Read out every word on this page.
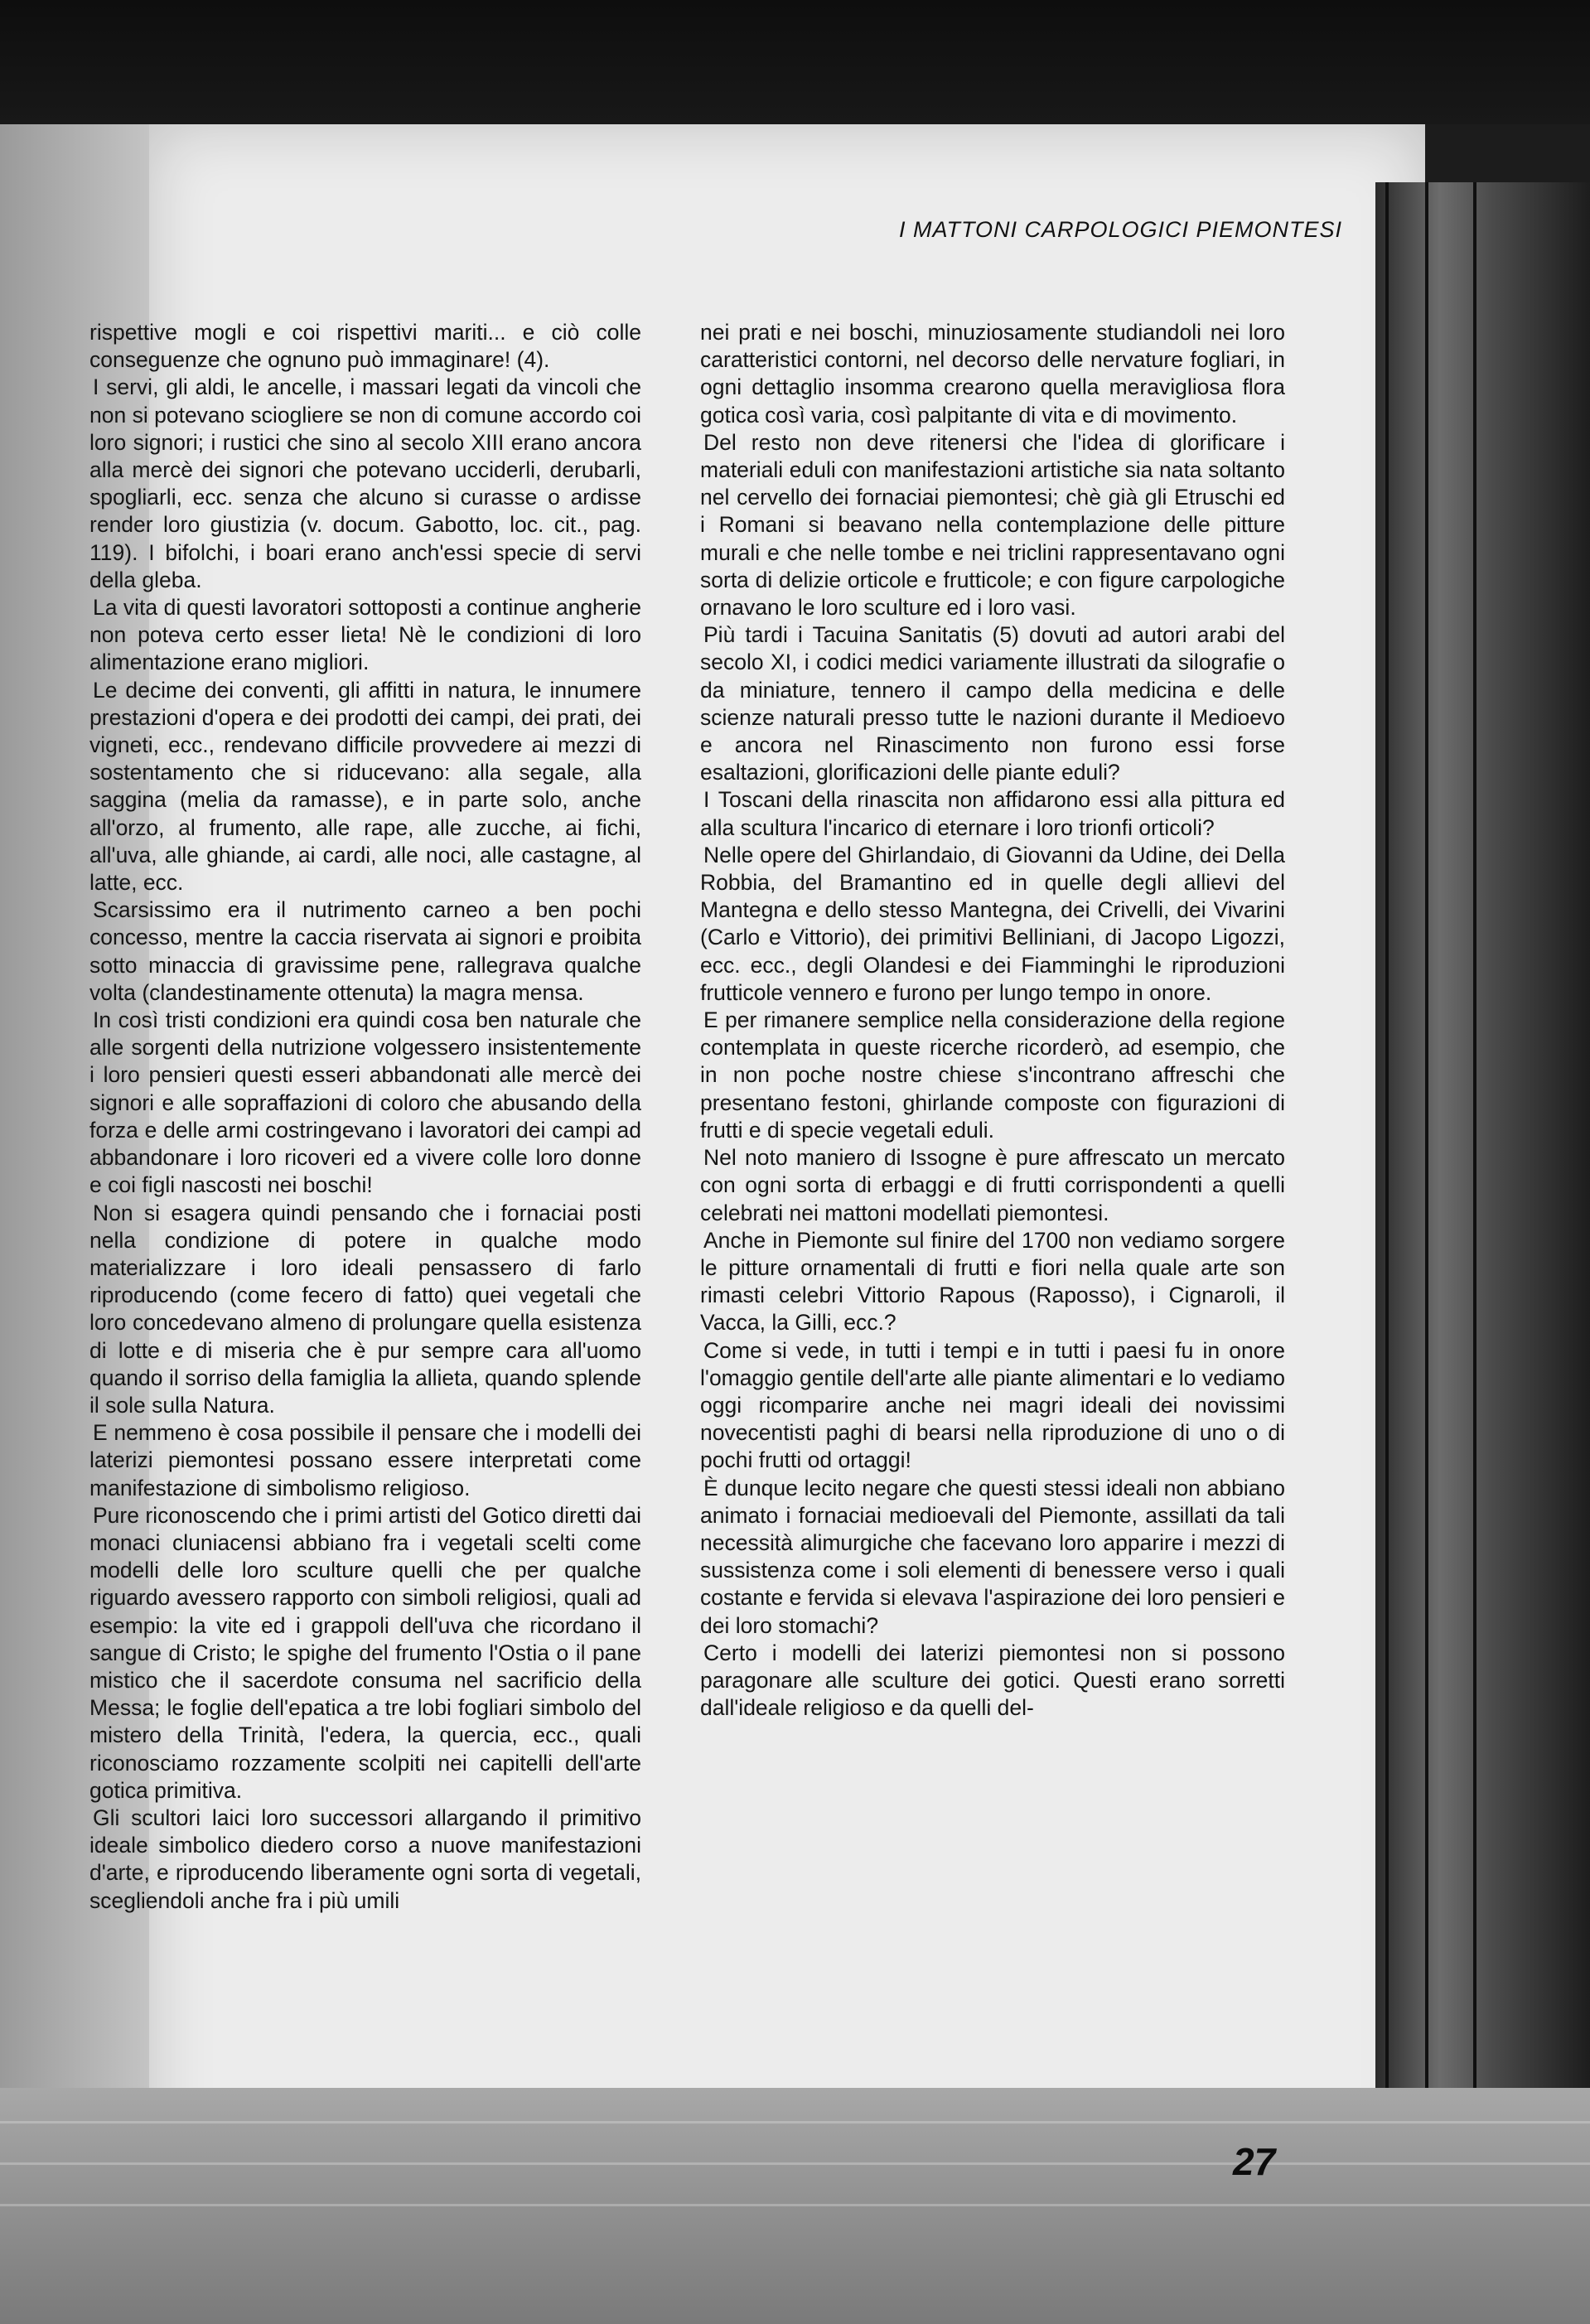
I MATTONI CARPOLOGICI PIEMONTESI

rispettive mogli e coi rispettivi mariti... e ciò colle conseguenze che ognuno può immaginare! (4).

I servi, gli aldi, le ancelle, i massari legati da vincoli che non si potevano sciogliere se non di comune accordo coi loro signori; i rustici che sino al secolo XIII erano ancora alla mercè dei signori che potevano ucciderli, derubarli, spogliarli, ecc. senza che alcuno si curasse o ardisse render loro giustizia (v. docum. Gabotto, loc. cit., pag. 119). I bifolchi, i boari erano anch'essi specie di servi della gleba.

La vita di questi lavoratori sottoposti a continue angherie non poteva certo esser lieta! Nè le condizioni di loro alimentazione erano migliori.

Le decime dei conventi, gli affitti in natura, le innumere prestazioni d'opera e dei prodotti dei campi, dei prati, dei vigneti, ecc., rendevano difficile provvedere ai mezzi di sostentamento che si riducevano: alla segale, alla saggina (melia da ramasse), e in parte solo, anche all'orzo, al frumento, alle rape, alle zucche, ai fichi, all'uva, alle ghiande, ai cardi, alle noci, alle castagne, al latte, ecc.

Scarsissimo era il nutrimento carneo a ben pochi concesso, mentre la caccia riservata ai signori e proibita sotto minaccia di gravissime pene, rallegrava qualche volta (clandestinamente ottenuta) la magra mensa.

In così tristi condizioni era quindi cosa ben naturale che alle sorgenti della nutrizione volgessero insistentemente i loro pensieri questi esseri abbandonati alle mercè dei signori e alle sopraffazioni di coloro che abusando della forza e delle armi costringevano i lavoratori dei campi ad abbandonare i loro ricoveri ed a vivere colle loro donne e coi figli nascosti nei boschi!

Non si esagera quindi pensando che i fornaciai posti nella condizione di potere in qualche modo materializzare i loro ideali pensassero di farlo riproducendo (come fecero di fatto) quei vegetali che loro concedevano almeno di prolungare quella esistenza di lotte e di miseria che è pur sempre cara all'uomo quando il sorriso della famiglia la allieta, quando splende il sole sulla Natura.

E nemmeno è cosa possibile il pensare che i modelli dei laterizi piemontesi possano essere interpretati come manifestazione di simbolismo religioso.

Pure riconoscendo che i primi artisti del Gotico diretti dai monaci cluniacensi abbiano fra i vegetali scelti come modelli delle loro sculture quelli che per qualche riguardo avessero rapporto con simboli religiosi, quali ad esempio: la vite ed i grappoli dell'uva che ricordano il sangue di Cristo; le spighe del frumento l'Ostia o il pane mistico che il sacerdote consuma nel sacrificio della Messa; le foglie dell'epatica a tre lobi fogliari simbolo del mistero della Trinità, l'edera, la quercia, ecc., quali riconosciamo rozzamente scolpiti nei capitelli dell'arte gotica primitiva.

Gli scultori laici loro successori allargando il primitivo ideale simbolico diedero corso a nuove manifestazioni d'arte, e riproducendo liberamente ogni sorta di vegetali, scegliendoli anche fra i più umili

nei prati e nei boschi, minuziosamente studiandoli nei loro caratteristici contorni, nel decorso delle nervature fogliari, in ogni dettaglio insomma crearono quella meravigliosa flora gotica così varia, così palpitante di vita e di movimento.

Del resto non deve ritenersi che l'idea di glorificare i materiali eduli con manifestazioni artistiche sia nata soltanto nel cervello dei fornaciai piemontesi; chè già gli Etruschi ed i Romani si beavano nella contemplazione delle pitture murali e che nelle tombe e nei triclini rappresentavano ogni sorta di delizie orticole e frutticole; e con figure carpologiche ornavano le loro sculture ed i loro vasi.

Più tardi i Tacuina Sanitatis (5) dovuti ad autori arabi del secolo XI, i codici medici variamente illustrati da silografie o da miniature, tennero il campo della medicina e delle scienze naturali presso tutte le nazioni durante il Medioevo e ancora nel Rinascimento non furono essi forse esaltazioni, glorificazioni delle piante eduli?

I Toscani della rinascita non affidarono essi alla pittura ed alla scultura l'incarico di eternare i loro trionfi orticoli?

Nelle opere del Ghirlandaio, di Giovanni da Udine, dei Della Robbia, del Bramantino ed in quelle degli allievi del Mantegna e dello stesso Mantegna, dei Crivelli, dei Vivarini (Carlo e Vittorio), dei primitivi Belliniani, di Jacopo Ligozzi, ecc. ecc., degli Olandesi e dei Fiamminghi le riproduzioni frutticole vennero e furono per lungo tempo in onore.

E per rimanere semplice nella considerazione della regione contemplata in queste ricerche ricorderò, ad esempio, che in non poche nostre chiese s'incontrano affreschi che presentano festoni, ghirlande composte con figurazioni di frutti e di specie vegetali eduli.

Nel noto maniero di Issogne è pure affrescato un mercato con ogni sorta di erbaggi e di frutti corrispondenti a quelli celebrati nei mattoni modellati piemontesi.

Anche in Piemonte sul finire del 1700 non vediamo sorgere le pitture ornamentali di frutti e fiori nella quale arte son rimasti celebri Vittorio Rapous (Raposso), i Cignaroli, il Vacca, la Gilli, ecc.?

Come si vede, in tutti i tempi e in tutti i paesi fu in onore l'omaggio gentile dell'arte alle piante alimentari e lo vediamo oggi ricomparire anche nei magri ideali dei novissimi novecentisti paghi di bearsi nella riproduzione di uno o di pochi frutti od ortaggi!

È dunque lecito negare che questi stessi ideali non abbiano animato i fornaciai medioevali del Piemonte, assillati da tali necessità alimurgiche che facevano loro apparire i mezzi di sussistenza come i soli elementi di benessere verso i quali costante e fervida si elevava l'aspirazione dei loro pensieri e dei loro stomachi?

Certo i modelli dei laterizi piemontesi non si possono paragonare alle sculture dei gotici. Questi erano sorretti dall'ideale religioso e da quelli del-

27
